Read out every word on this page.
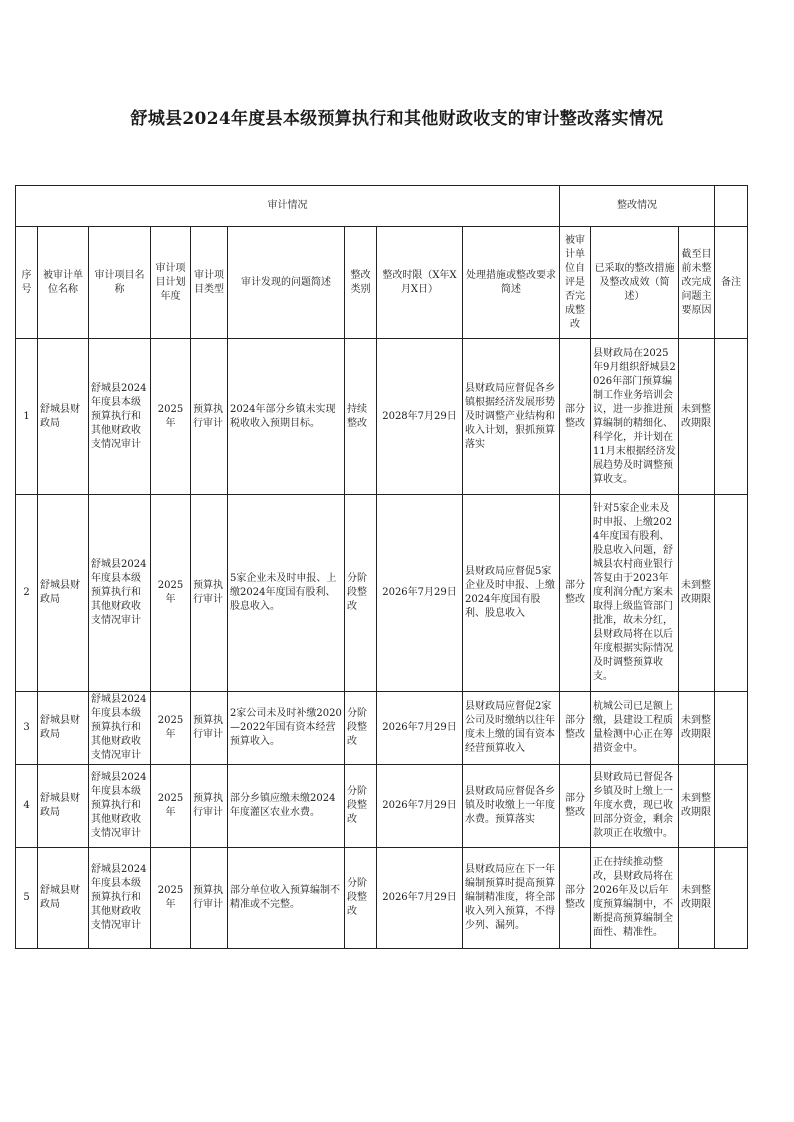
舒城县2024年度县本级预算执行和其他财政收支的审计整改落实情况
审计情况									整改情况			
序号	被审计单位名称	审计项目名称	审计项目计划年度	审计项目类型	审计发现的问题简述	整改类别	整改时限（X年X月X日）	处理措施或整改要求简述	被审计单位自评是否完成整改	已采取的整改措施及整改成效（简述）	截至目前未整改完成问题主要原因	备注
1	舒城县财政局	舒城县2024年度县本级预算执行和其他财政收支情况审计	2025年	预算执行审计	2024年部分乡镇未实现税收收入预期目标。	持续整改	2028年7月29日	县财政局应督促各乡镇根据经济发展形势及时调整产业结构和收入计划，狠抓预算落实	部分整改	县财政局在2025年9月组织舒城县2026年部门预算编制工作业务培训会议，进一步推进预算编制的精细化、科学化，并计划在11月末根据经济发展趋势及时调整预算收支。	未到整改期限	
2	舒城县财政局	舒城县2024年度县本级预算执行和其他财政收支情况审计	2025年	预算执行审计	5家企业未及时申报、上缴2024年度国有股利、股息收入。	分阶段整改	2026年7月29日	县财政局应督促5家企业及时申报、上缴2024年度国有股利、股息收入	部分整改	针对5家企业未及时申报、上缴2024年度国有股利、股息收入问题，舒城县农村商业银行答复由于2023年度利润分配方案未取得上级监管部门批准，故未分红，县财政局将在以后年度根据实际情况及时调整预算收支。	未到整改期限	
3	舒城县财政局	舒城县2024年度县本级预算执行和其他财政收支情况审计	2025年	预算执行审计	2家公司未及时补缴2020—2022年国有资本经营预算收入。	分阶段整改	2026年7月29日	县财政局应督促2家公司及时缴纳以往年度未上缴的国有资本经营预算收入	部分整改	杭城公司已足额上缴，县建设工程质量检测中心正在筹措资金中。	未到整改期限	
4	舒城县财政局	舒城县2024年度县本级预算执行和其他财政收支情况审计	2025年	预算执行审计	部分乡镇应缴未缴2024年度灌区农业水费。	分阶段整改	2026年7月29日	县财政局应督促各乡镇及时收缴上一年度水费。预算落实	部分整改	县财政局已督促各乡镇及时上缴上一年度水费，现已收回部分资金，剩余款项正在收缴中。	未到整改期限	
5	舒城县财政局	舒城县2024年度县本级预算执行和其他财政收支情况审计	2025年	预算执行审计	部分单位收入预算编制不精准或不完整。	分阶段整改	2026年7月29日	县财政局应在下一年编制预算时提高预算编制精准度，将全部收入列入预算，不得少列、漏列。	部分整改	正在持续推动整改，县财政局将在2026年及以后年度预算编制中，不断提高预算编制全面性、精准性。	未到整改期限	
